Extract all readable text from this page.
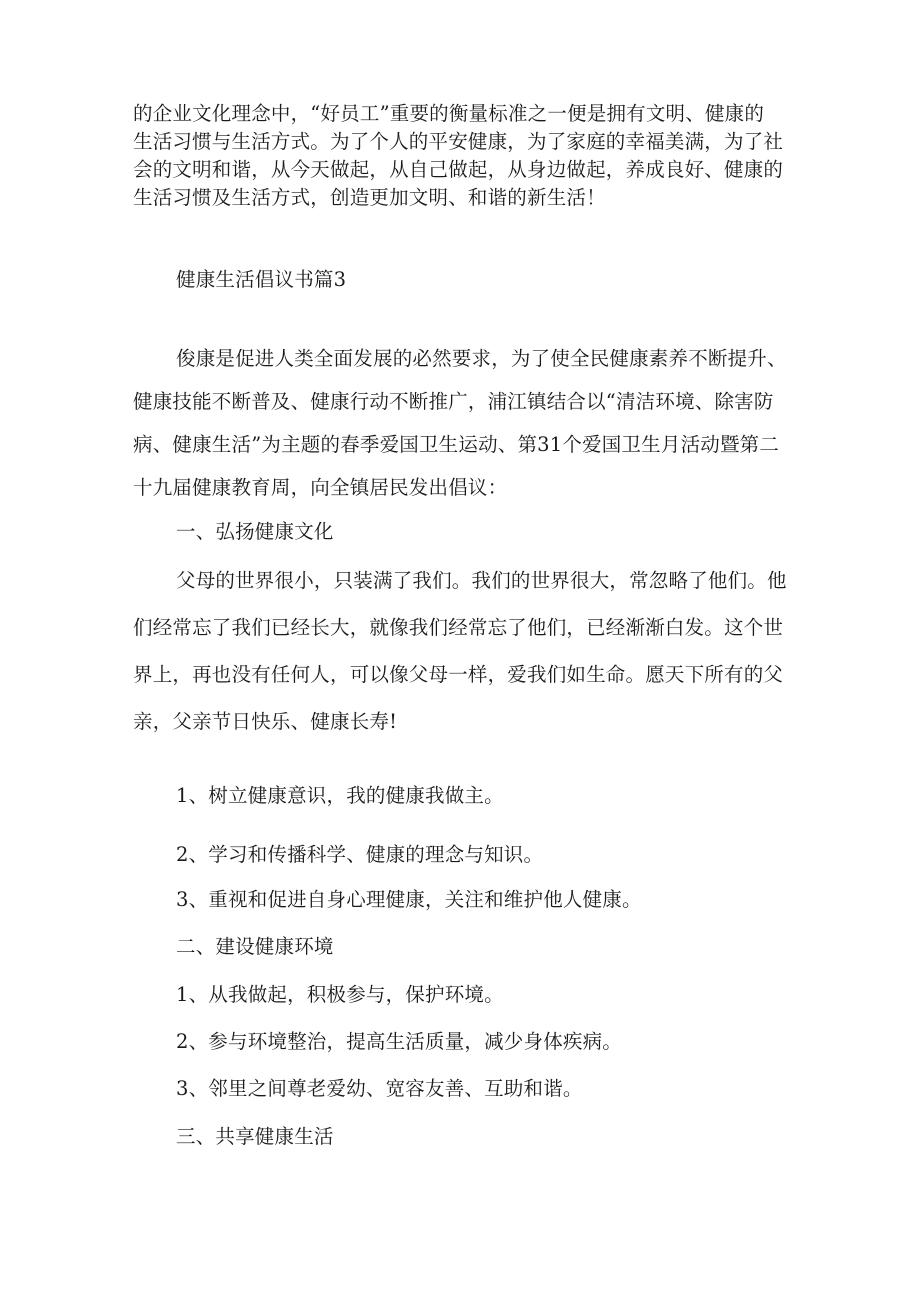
的企业文化理念中，“好员工”重要的衡量标准之一便是拥有文明、健康的
生活习惯与生活方式。为了个人的平安健康，为了家庭的幸福美满，为了社
会的文明和谐，从今天做起，从自己做起，从身边做起，养成良好、健康的
生活习惯及生活方式，创造更加文明、和谐的新生活！
健康生活倡议书篇3
俊康是促进人类全面发展的必然要求，为了使全民健康素养不断提升、
健康技能不断普及、健康行动不断推广，浦江镇结合以“清洁环境、除害防
病、健康生活”为主题的春季爱国卫生运动、第31个爱国卫生月活动暨第二
十九届健康教育周，向全镇居民发出倡议：
一、弘扬健康文化
父母的世界很小，只装满了我们。我们的世界很大，常忽略了他们。他
们经常忘了我们已经长大，就像我们经常忘了他们，已经渐渐白发。这个世
界上，再也没有任何人，可以像父母一样，爱我们如生命。愿天下所有的父
亲，父亲节日快乐、健康长寿!
1、树立健康意识，我的健康我做主。
2、学习和传播科学、健康的理念与知识。
3、重视和促进自身心理健康，关注和维护他人健康。
二、建设健康环境
1、从我做起，积极参与，保护环境。
2、参与环境整治，提高生活质量，减少身体疾病。
3、邻里之间尊老爱幼、宽容友善、互助和谐。
三、共享健康生活
